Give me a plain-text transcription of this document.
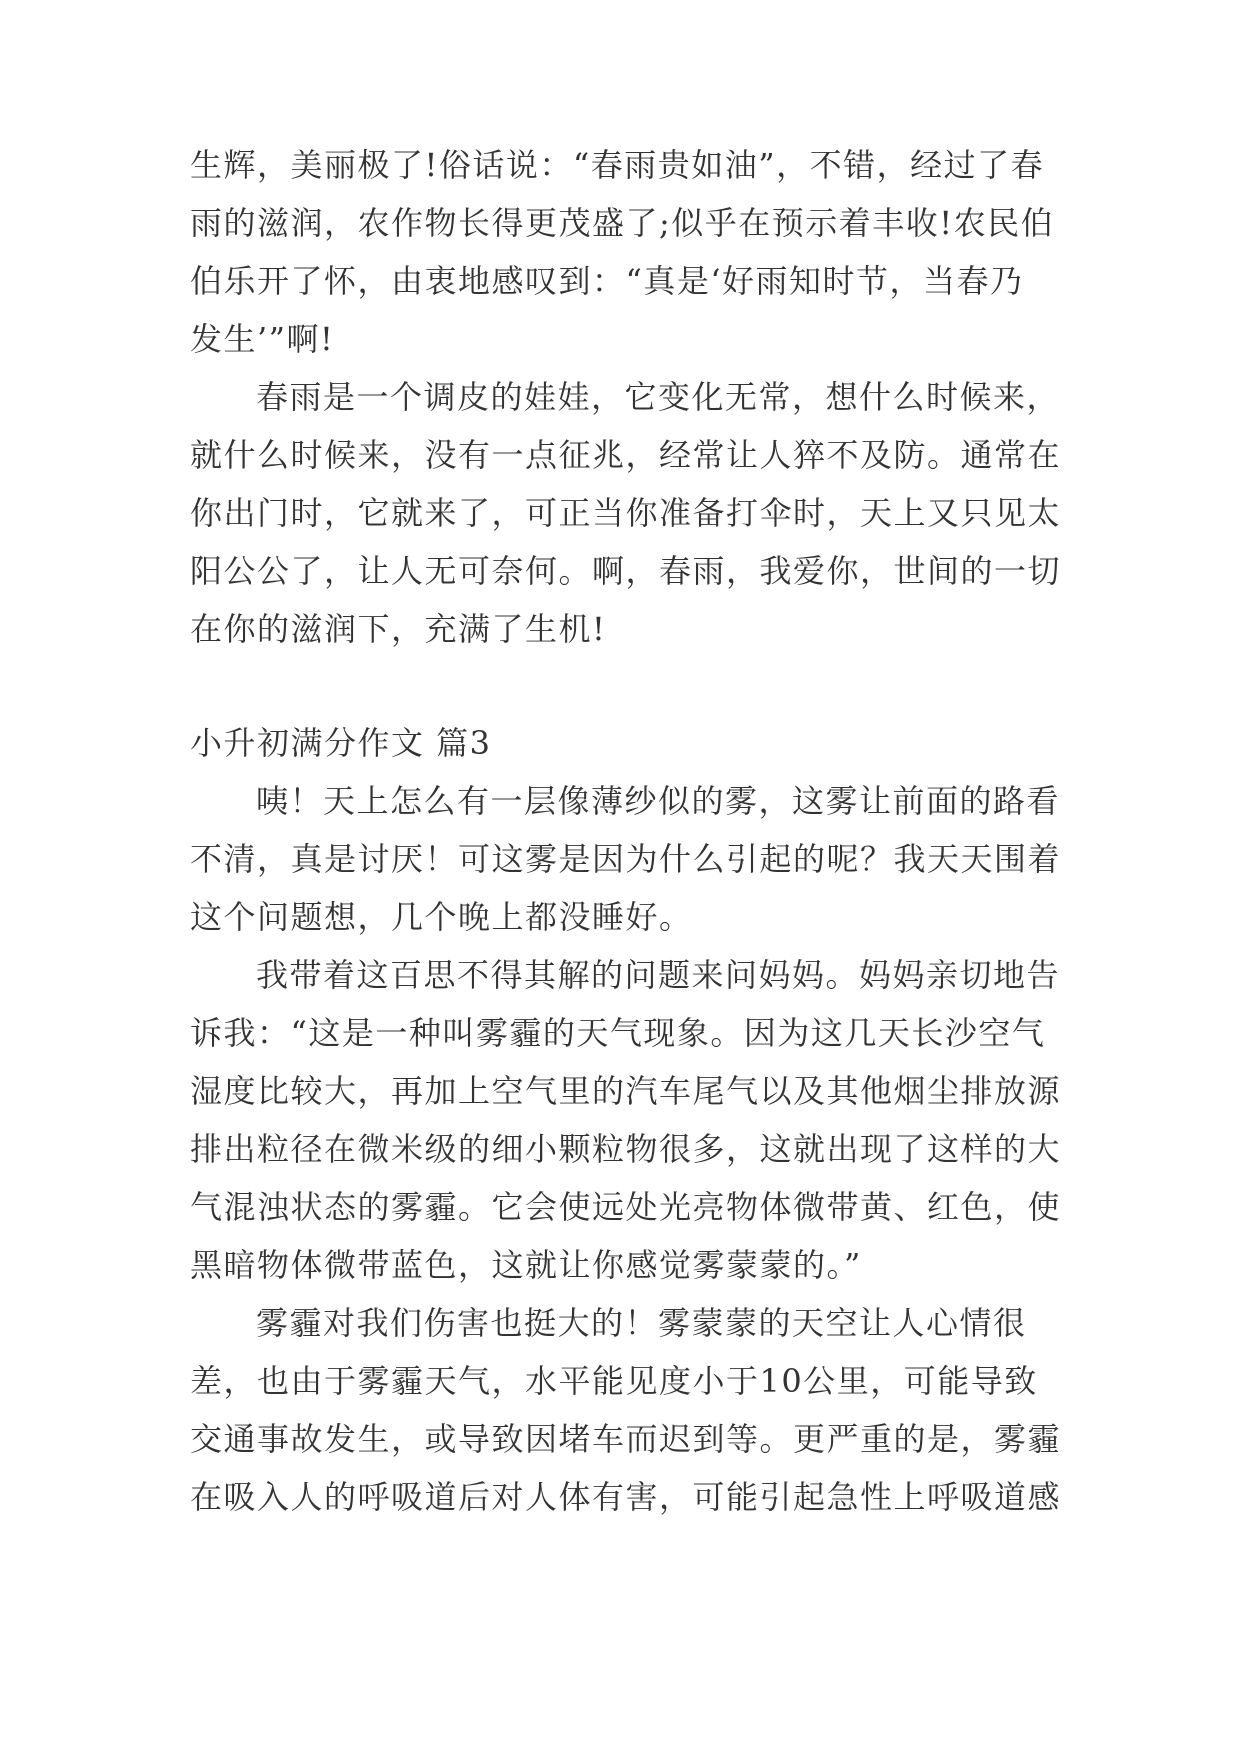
生辉，美丽极了!俗话说：“春雨贵如油”，不错，经过了春
雨的滋润，农作物长得更茂盛了;似乎在预示着丰收!农民伯
伯乐开了怀，由衷地感叹到：“真是‘好雨知时节，当春乃
发生’”啊!
春雨是一个调皮的娃娃，它变化无常，想什么时候来，
就什么时候来，没有一点征兆，经常让人猝不及防。通常在
你出门时，它就来了，可正当你准备打伞时，天上又只见太
阳公公了，让人无可奈何。啊，春雨，我爱你，世间的一切
在你的滋润下，充满了生机!
小升初满分作文 篇3
咦！天上怎么有一层像薄纱似的雾，这雾让前面的路看
不清，真是讨厌！可这雾是因为什么引起的呢？我天天围着
这个问题想，几个晚上都没睡好。
我带着这百思不得其解的问题来问妈妈。妈妈亲切地告
诉我：“这是一种叫雾霾的天气现象。因为这几天长沙空气
湿度比较大，再加上空气里的汽车尾气以及其他烟尘排放源
排出粒径在微米级的细小颗粒物很多，这就出现了这样的大
气混浊状态的雾霾。它会使远处光亮物体微带黄、红色，使
黑暗物体微带蓝色，这就让你感觉雾蒙蒙的。”
雾霾对我们伤害也挺大的！雾蒙蒙的天空让人心情很
差，也由于雾霾天气，水平能见度小于10公里，可能导致
交通事故发生，或导致因堵车而迟到等。更严重的是，雾霾
在吸入人的呼吸道后对人体有害，可能引起急性上呼吸道感
